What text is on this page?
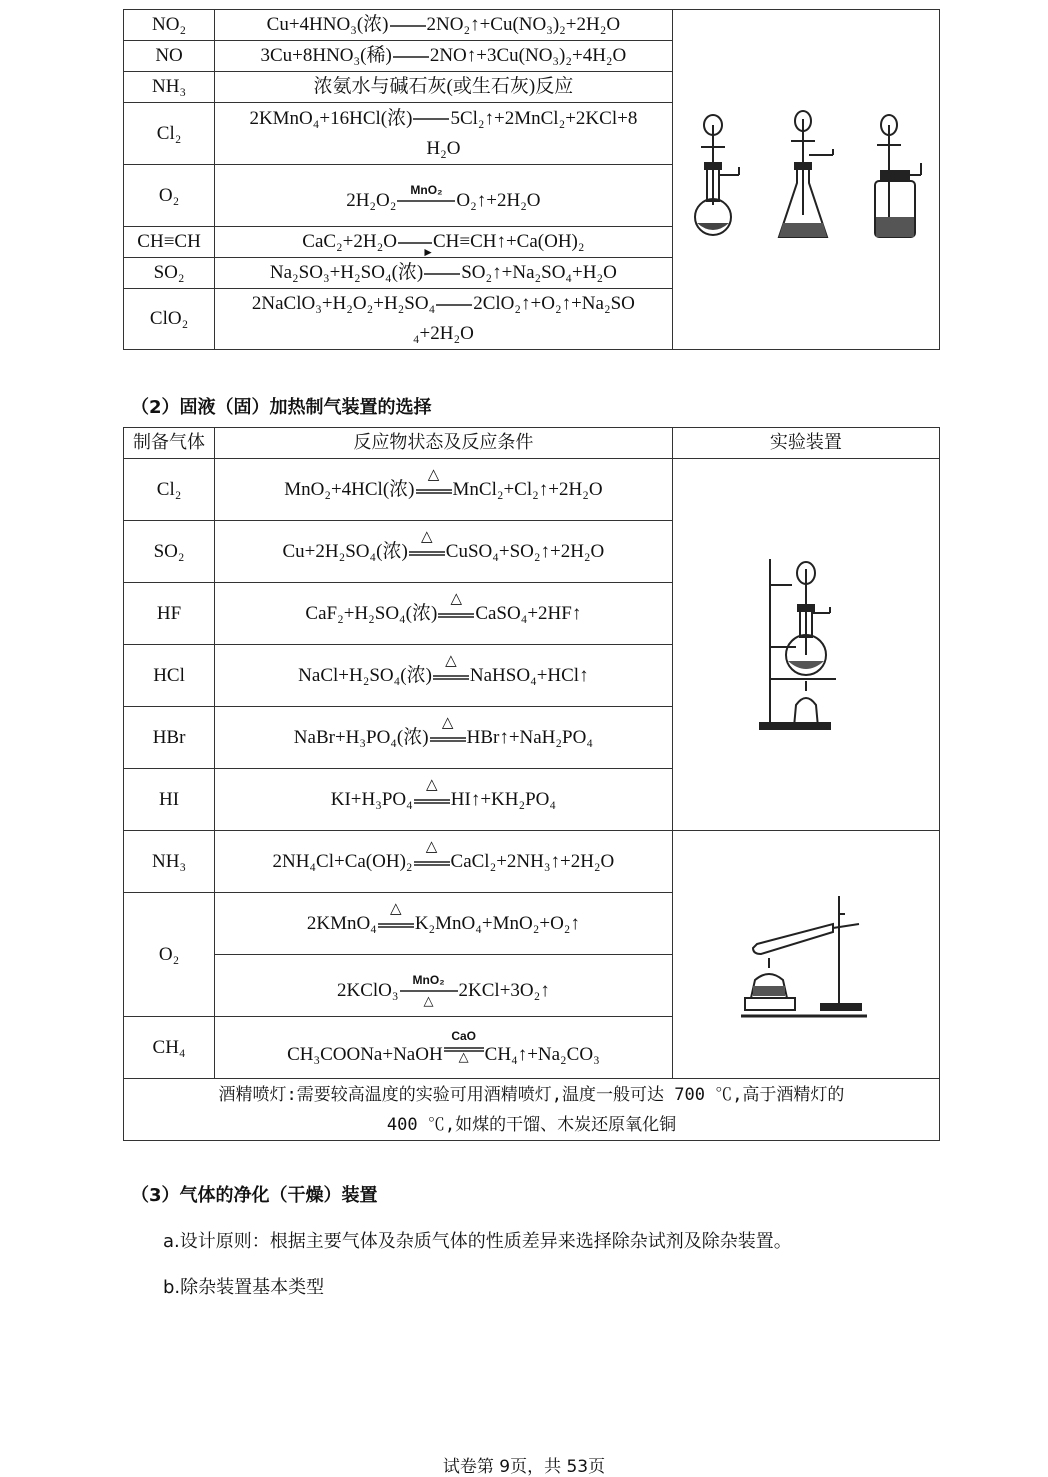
NO₂	Cu+4HNO₃(浓) 2NO₂↑+Cu(NO₃)₂+2H₂O	

NO	3Cu+8HNO₃(稀) 2NO↑+3Cu(NO₃)₂+4H₂O	
NH₃	浓氨水与碱石灰(或生石灰)反应	
Cl₂	2KMnO₄+16HCl(浓) 5Cl₂↑+2MnCl₂+2KCl+8
H₂O	
O₂	2H₂O₂ MnO₂ O₂↑+2H₂O	
CH≡CH	CaC₂+2H₂O ► CH≡CH↑+Ca(OH)₂	
SO₂	Na₂SO₃+H₂SO₄(浓) SO₂↑+Na₂SO₄+H₂O	
ClO₂	2NaClO₃+H₂O₂+H₂SO₄ 2ClO₂↑+O₂↑+Na₂SO
₄+2H₂O	
（2）固液（固）加热制气装置的选择
制备气体	反应物状态及反应条件	实验装置
Cl₂	MnO₂+4HCl(浓)
△
MnCl₂+Cl₂↑+2H₂O	

SO₂	Cu+2H₂SO₄(浓)
△
CuSO₄+SO₂↑+2H₂O	
HF	CaF₂+H₂SO₄(浓)
△
CaSO₄+2HF↑	
HCl	NaCl+H₂SO₄(浓)
△
NaHSO₄+HCl↑	
HBr	NaBr+H₃PO₄(浓)
△
HBr↑+NaH₂PO₄	
HI	KI+H₃PO₄
△
HI↑+KH₂PO₄	
NH₃	2NH₄Cl+Ca(OH)₂
△
CaCl₂+2NH₃↑+2H₂O	

O₂	2KMnO₄
△
K₂MnO₄+MnO₂+O₂↑	
	2KClO₃ MnO₂
△
2KCl+3O₂↑	
CH₄	CH₃COONa+NaOH
CaO
△ CH₄↑+Na₂CO₃	
酒精喷灯:需要较高温度的实验可用酒精喷灯,温度一般可达 700 ℃,高于酒精灯的
400 ℃,如煤的干馏、木炭还原氧化铜		
（3）气体的净化（干燥）装置
a.设计原则：根据主要气体及杂质气体的性质差异来选择除杂试剂及除杂装置。
b.除杂装置基本类型
试卷第 9页，共 53页
